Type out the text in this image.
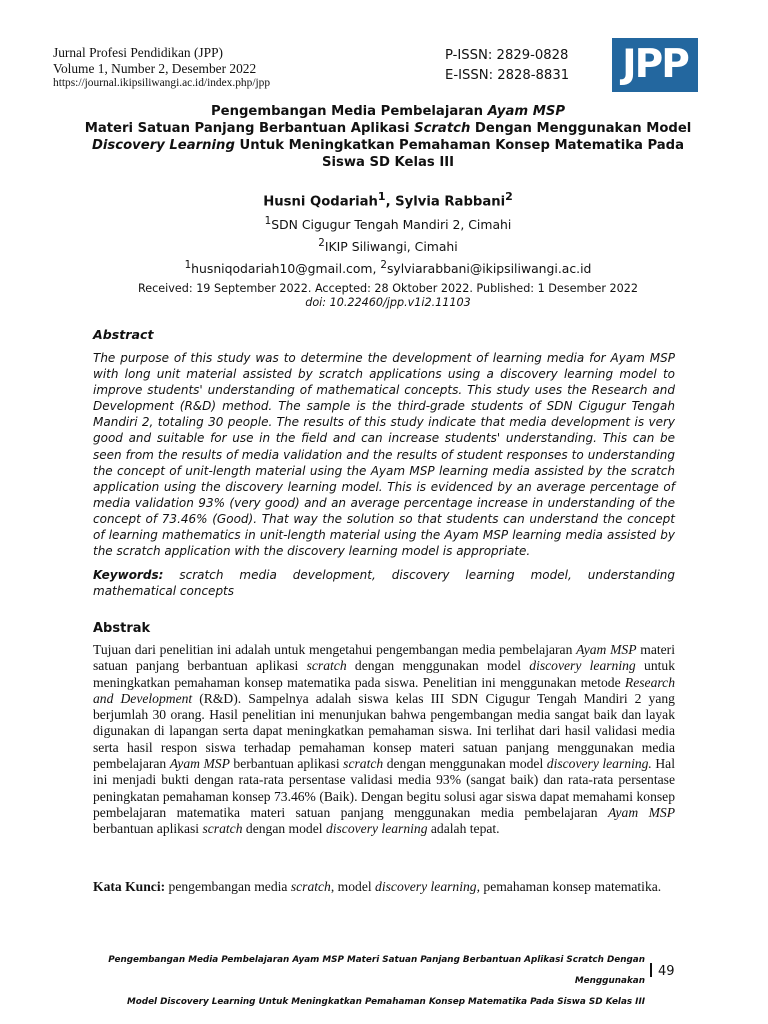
Jurnal Profesi Pendidikan (JPP)
Volume 1, Number 2, Desember 2022
https://journal.ikipsiliwangi.ac.id/index.php/jpp
P-ISSN: 2829-0828
E-ISSN: 2828-8831 JPP
Pengembangan Media Pembelajaran Ayam MSP
Materi Satuan Panjang Berbantuan Aplikasi Scratch Dengan Menggunakan Model
Discovery Learning Untuk Meningkatkan Pemahaman Konsep Matematika Pada
Siswa SD Kelas III
Husni Qodariah$^1$, Sylvia Rabbani$^2$
$^1$SDN Cigugur Tengah Mandiri 2, Cimahi
$^2$IKIP Siliwangi, Cimahi
$^1$husniqodariah10@gmail.com, $^2$sylviarabbani@ikipsiliwangi.ac.id
Received: 19 September 2022. Accepted: 28 Oktober 2022. Published: 1 Desember 2022
doi: 10.22460/jpp.v1i2.11103
Abstract

The purpose of this study was to determine the development of learning media for Ayam MSP with long unit material assisted by scratch applications using a discovery learning model to improve students' understanding of mathematical concepts. This study uses the Research and Development (R&D) method. The sample is the third-grade students of SDN Cigugur Tengah Mandiri 2, totaling 30 people. The results of this study indicate that media development is very good and suitable for use in the field and can increase students' understanding. This can be seen from the results of media validation and the results of student responses to understanding the concept of unit-length material using the Ayam MSP learning media assisted by the scratch application using the discovery learning model. This is evidenced by an average percentage of media validation 93% (very good) and an average percentage increase in understanding of the concept of 73.46% (Good). That way the solution so that students can understand the concept of learning mathematics in unit-length material using the Ayam MSP learning media assisted by the scratch application with the discovery learning model is appropriate.

Keywords: scratch media development, discovery learning model, understanding mathematical concepts

Abstrak

Tujuan dari penelitian ini adalah untuk mengetahui pengembangan media pembelajaran Ayam MSP materi satuan panjang berbantuan aplikasi scratch dengan menggunakan model discovery learning untuk meningkatkan pemahaman konsep matematika pada siswa. Penelitian ini menggunakan metode Research and Development (R&D). Sampelnya adalah siswa kelas III SDN Cigugur Tengah Mandiri 2 yang berjumlah 30 orang. Hasil penelitian ini menunjukan bahwa pengembangan media sangat baik dan layak digunakan di lapangan serta dapat meningkatkan pemahaman siswa. Ini terlihat dari hasil validasi media serta hasil respon siswa terhadap pemahaman konsep materi satuan panjang menggunakan media pembelajaran Ayam MSP berbantuan aplikasi scratch dengan menggunakan model discovery learning. Hal ini menjadi bukti dengan rata-rata persentase validasi media 93% (sangat baik) dan rata-rata persentase peningkatan pemahaman konsep 73.46% (Baik). Dengan begitu solusi agar siswa dapat memahami konsep pembelajaran matematika materi satuan panjang menggunakan media pembelajaran Ayam MSP berbantuan aplikasi scratch dengan model discovery learning adalah tepat.

Kata Kunci: pengembangan media scratch, model discovery learning, pemahaman konsep matematika.

Pengembangan Media Pembelajaran Ayam MSP Materi Satuan Panjang Berbantuan Aplikasi Scratch Dengan Menggunakan
Model Discovery Learning Untuk Meningkatkan Pemahaman Konsep Matematika Pada Siswa SD Kelas III
49
